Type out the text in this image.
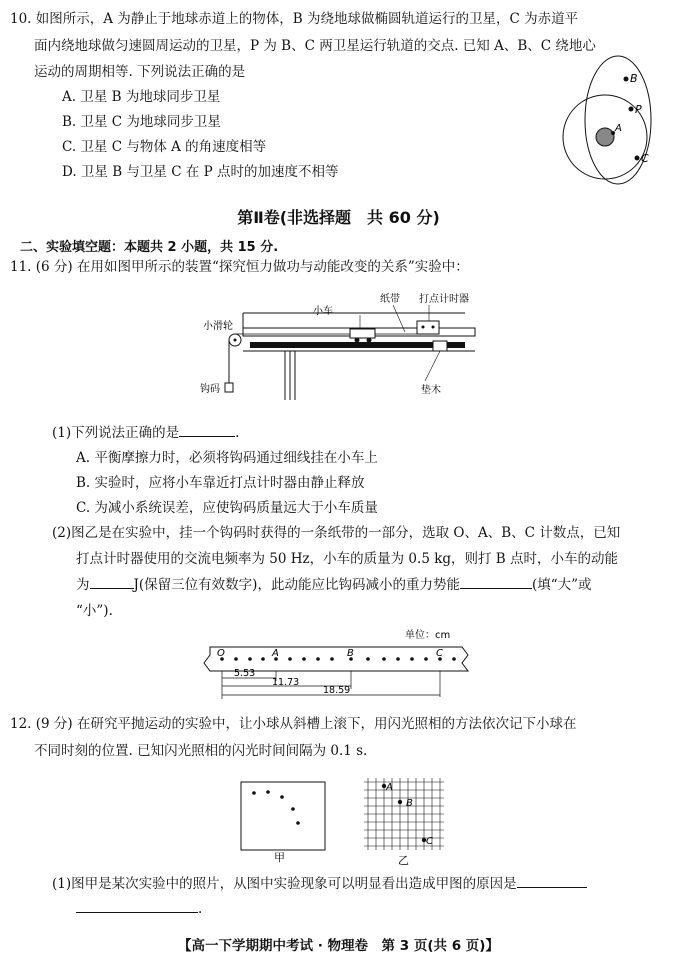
10. 如图所示，A 为静止于地球赤道上的物体，B 为绕地球做椭圆轨道运行的卫星，C 为赤道平
面内绕地球做匀速圆周运动的卫星，P 为 B、C 两卫星运行轨道的交点. 已知 A、B、C 绕地心
运动的周期相等. 下列说法正确的是
A. 卫星 B 为地球同步卫星
B. 卫星 C 为地球同步卫星
C. 卫星 C 与物体 A 的角速度相等
D. 卫星 B 与卫星 C 在 P 点时的加速度不相等
B
P
A
C
第Ⅱ卷(非选择题　共 60 分)
二、实验填空题：本题共 2 小题，共 15 分.
11. (6 分) 在用如图甲所示的装置“探究恒力做功与动能改变的关系”实验中：
小滑轮
小车
纸带 打点计时器
钩码	垫木
(1)下列说法正确的是	.
A. 平衡摩擦力时，必须将钩码通过细线挂在小车上
B. 实验时，应将小车靠近打点计时器由静止释放
C. 为减小系统误差，应使钩码质量远大于小车质量
(2)图乙是在实验中，挂一个钩码时获得的一条纸带的一部分，选取 O、A、B、C 计数点，已知
打点计时器使用的交流电频率为 50 Hz，小车的质量为 0.5 kg，则打 B 点时，小车的动能
为	J(保留三位有效数字)，此动能应比钩码减小的重力势能	(填“大”或
“小”).
单位：cm
O	A	B	C
5.53
11.73
18.59
12. (9 分) 在研究平抛运动的实验中，让小球从斜槽上滚下，用闪光照相的方法依次记下小球在
不同时刻的位置. 已知闪光照相的闪光时间间隔为 0.1 s.
甲
A
B
C
乙
(1)图甲是某次实验中的照片，从图中实验现象可以明显看出造成甲图的原因是
.
【高一下学期期中考试 · 物理卷　第 3 页(共 6 页)】
